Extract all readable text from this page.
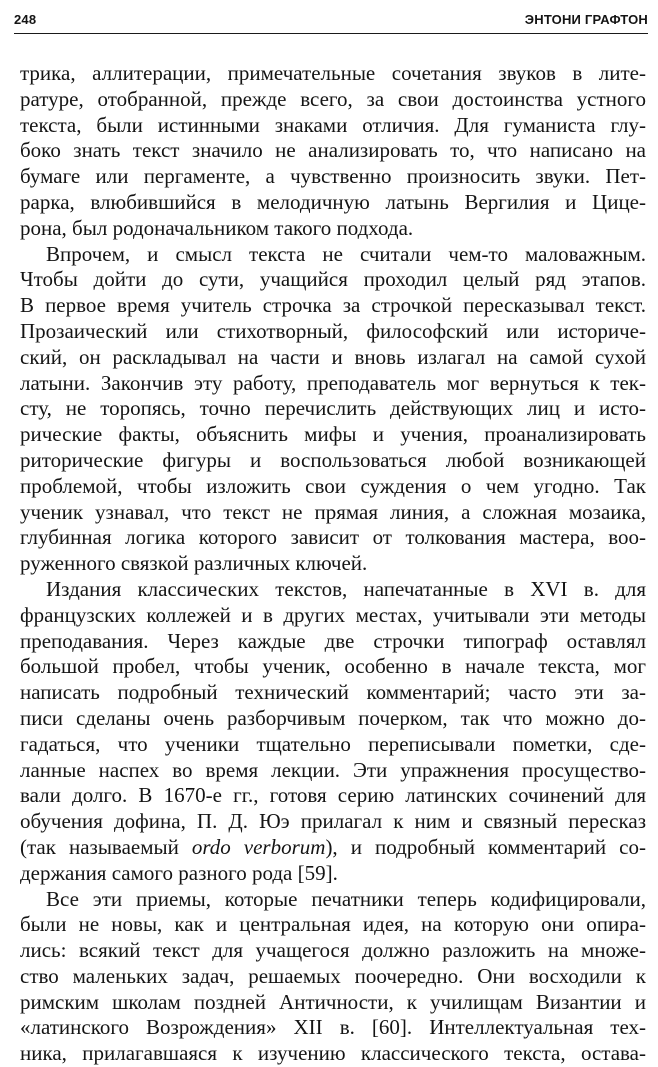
248	ЭНТОНИ ГРАФТОН
трика, аллитерации, примечательные сочетания звуков в лите-
ратуре, отобранной, прежде всего, за свои достоинства устного
текста, были истинными знаками отличия. Для гуманиста глу-
боко знать текст значило не анализировать то, что написано на
бумаге или пергаменте, а чувственно произносить звуки. Пет-
рарка, влюбившийся в мелодичную латынь Вергилия и Цице-
рона, был родоначальником такого подхода.
Впрочем, и смысл текста не считали чем-то маловажным.
Чтобы дойти до сути, учащийся проходил целый ряд этапов.
В первое время учитель строчка за строчкой пересказывал текст.
Прозаический или стихотворный, философский или историче-
ский, он раскладывал на части и вновь излагал на самой сухой
латыни. Закончив эту работу, преподаватель мог вернуться к тек-
сту, не торопясь, точно перечислить действующих лиц и исто-
рические факты, объяснить мифы и учения, проанализировать
риторические фигуры и воспользоваться любой возникающей
проблемой, чтобы изложить свои суждения о чем угодно. Так
ученик узнавал, что текст не прямая линия, а сложная мозаика,
глубинная логика которого зависит от толкования мастера, воо-
руженного связкой различных ключей.
Издания классических текстов, напечатанные в XVI в. для
французских коллежей и в других местах, учитывали эти методы
преподавания. Через каждые две строчки типограф оставлял
большой пробел, чтобы ученик, особенно в начале текста, мог
написать подробный технический комментарий; часто эти за-
писи сделаны очень разборчивым почерком, так что можно до-
гадаться, что ученики тщательно переписывали пометки, сде-
ланные наспех во время лекции. Эти упражнения просущество-
вали долго. В 1670-е гг., готовя серию латинских сочинений для
обучения дофина, П. Д. Юэ прилагал к ним и связный пересказ
(так называемый ordo verborum), и подробный комментарий со-
держания самого разного рода [59].
Все эти приемы, которые печатники теперь кодифицировали,
были не новы, как и центральная идея, на которую они опира-
лись: всякий текст для учащегося должно разложить на множе-
ство маленьких задач, решаемых поочередно. Они восходили к
римским школам поздней Античности, к училищам Византии и
«латинского Возрождения» XII в. [60]. Интеллектуальная тех-
ника, прилагавшаяся к изучению классического текста, остава-
